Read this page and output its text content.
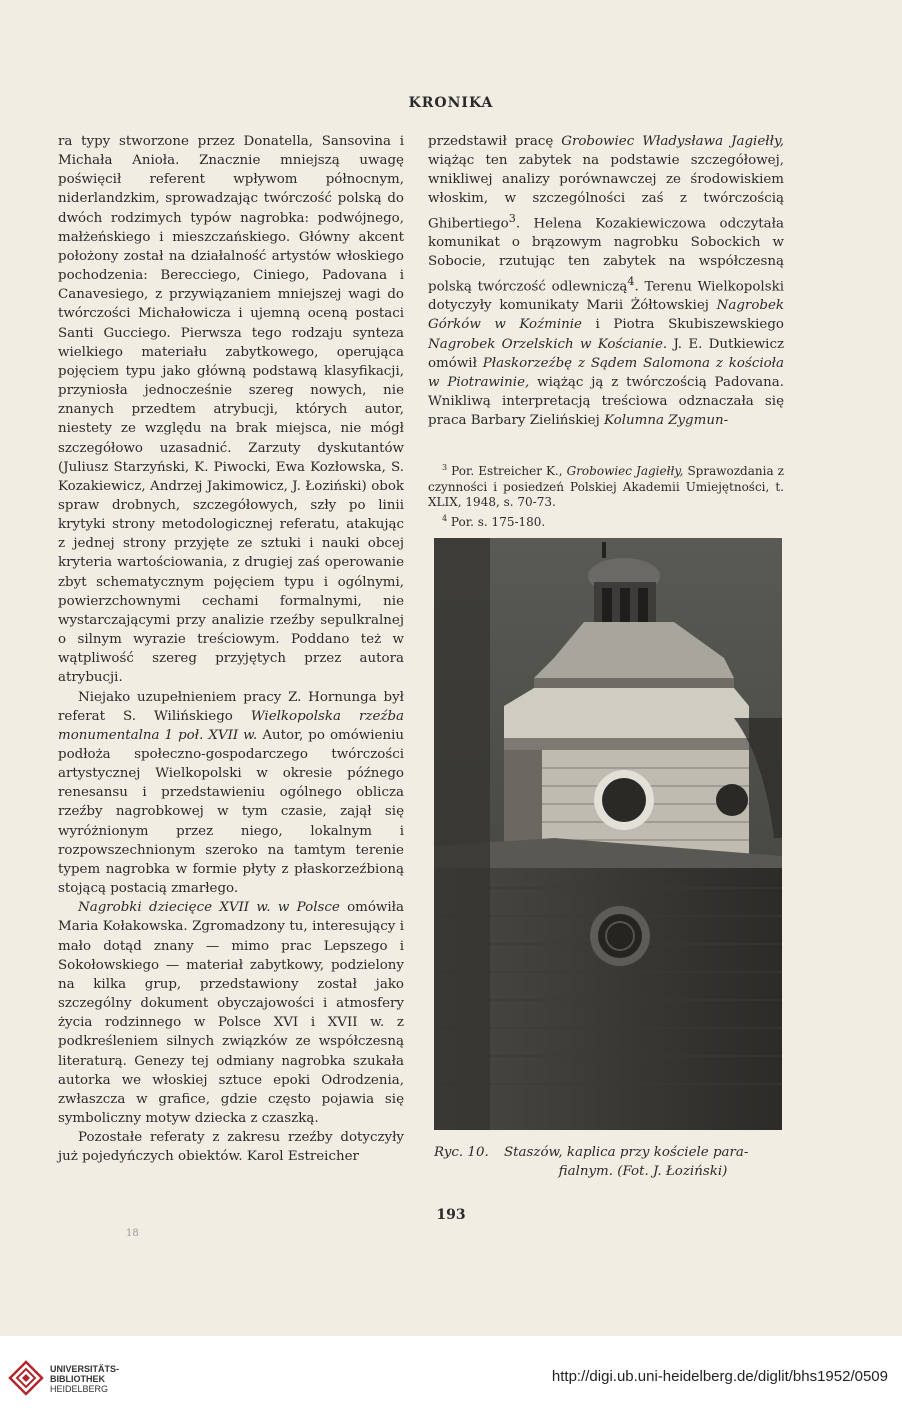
KRONIKA

ra typy stworzone przez Donatella, Sansovina i Michała Anioła. Znacznie mniejszą uwagę poświęcił referent wpływom północnym, niderlandzkim, sprowadzając twórczość polską do dwóch rodzimych typów nagrobka: podwójnego, małżeńskiego i mieszczańskiego. Główny akcent położony został na działalność artystów włoskiego pochodzenia: Berecciego, Ciniego, Padovana i Canavesiego, z przywiązaniem mniejszej wagi do twórczości Michałowicza i ujemną oceną postaci Santi Gucciego. Pierwsza tego rodzaju synteza wielkiego materiału zabytkowego, operująca pojęciem typu jako główną podstawą klasyfikacji, przyniosła jednocześnie szereg nowych, nie znanych przedtem atrybucji, których autor, niestety ze względu na brak miejsca, nie mógł szczegółowo uzasadnić. Zarzuty dyskutantów (Juliusz Starzyński, K. Piwocki, Ewa Kozłowska, S. Kozakiewicz, Andrzej Jakimowicz, J. Łoziński) obok spraw drobnych, szczegółowych, szły po linii krytyki strony metodologicznej referatu, atakując z jednej strony przyjęte ze sztuki i nauki obcej kryteria wartościowania, z drugiej zaś operowanie zbyt schematycznym pojęciem typu i ogólnymi, powierzchownymi cechami formalnymi, nie wystarczającymi przy analizie rzeźby sepulkralnej o silnym wyrazie treściowym. Poddano też w wątpliwość szereg przyjętych przez autora atrybucji.

Niejako uzupełnieniem pracy Z. Hornunga był referat S. Wilińskiego Wielkopolska rzeźba monumentalna 1 poł. XVII w. Autor, po omówieniu podłoża społeczno-gospodarczego twórczości artystycznej Wielkopolski w okresie późnego renesansu i przedstawieniu ogólnego oblicza rzeźby nagrobkowej w tym czasie, zajął się wyróżnionym przez niego, lokalnym i rozpowszechnionym szeroko na tamtym terenie typem nagrobka w formie płyty z płaskorzeźbioną stojącą postacią zmarłego.

Nagrobki dziecięce XVII w. w Polsce omówiła Maria Kołakowska. Zgromadzony tu, interesujący i mało dotąd znany — mimo prac Lepszego i Sokołowskiego — materiał zabytkowy, podzielony na kilka grup, przedstawiony został jako szczególny dokument obyczajowości i atmosfery życia rodzinnego w Polsce XVI i XVII w. z podkreśleniem silnych związków ze współczesną literaturą. Genezy tej odmiany nagrobka szukała autorka we włoskiej sztuce epoki Odrodzenia, zwłaszcza w grafice, gdzie często pojawia się symboliczny motyw dziecka z czaszką.

Pozostałe referaty z zakresu rzeźby dotyczyły już pojedyńczych obiektów. Karol Estreicher

przedstawił pracę Grobowiec Władysława Jagiełły, wiążąc ten zabytek na podstawie szczegółowej, wnikliwej analizy porównawczej ze środowiskiem włoskim, w szczególności zaś z twórczością Ghibertiego$^3$. Helena Kozakiewiczowa odczytała komunikat o brązowym nagrobku Sobockich w Sobocie, rzutując ten zabytek na współczesną polską twórczość odlewniczą$^4$. Terenu Wielkopolski dotyczyły komunikaty Marii Żółtowskiej Nagrobek Górków w Koźminie i Piotra Skubiszewskiego Nagrobek Orzelskich w Kościanie. J. E. Dutkiewicz omówił Płaskorzeźbę z Sądem Salomona z kościoła w Piotrawinie, wiążąc ją z twórczością Padovana. Wnikliwą interpretacją treściowa odznaczała się praca Barbary Zielińskiej Kolumna Zygmun-

$^3$ Por. Estreicher K., Grobowiec Jagiełły, Sprawozdania z czynności i posiedzeń Polskiej Akademii Umiejętności, t. XLIX, 1948, s. 70-73.

$^4$ Por. s. 175-180.

Ryc. 10. Staszów, kaplica przy kościele para-
fialnym. (Fot. J. Łoziński)
193
18
UNIVERSITÄTS-
BIBLIOTHEK
HEIDELBERG
http://digi.ub.uni-heidelberg.de/diglit/bhs1952/0509
